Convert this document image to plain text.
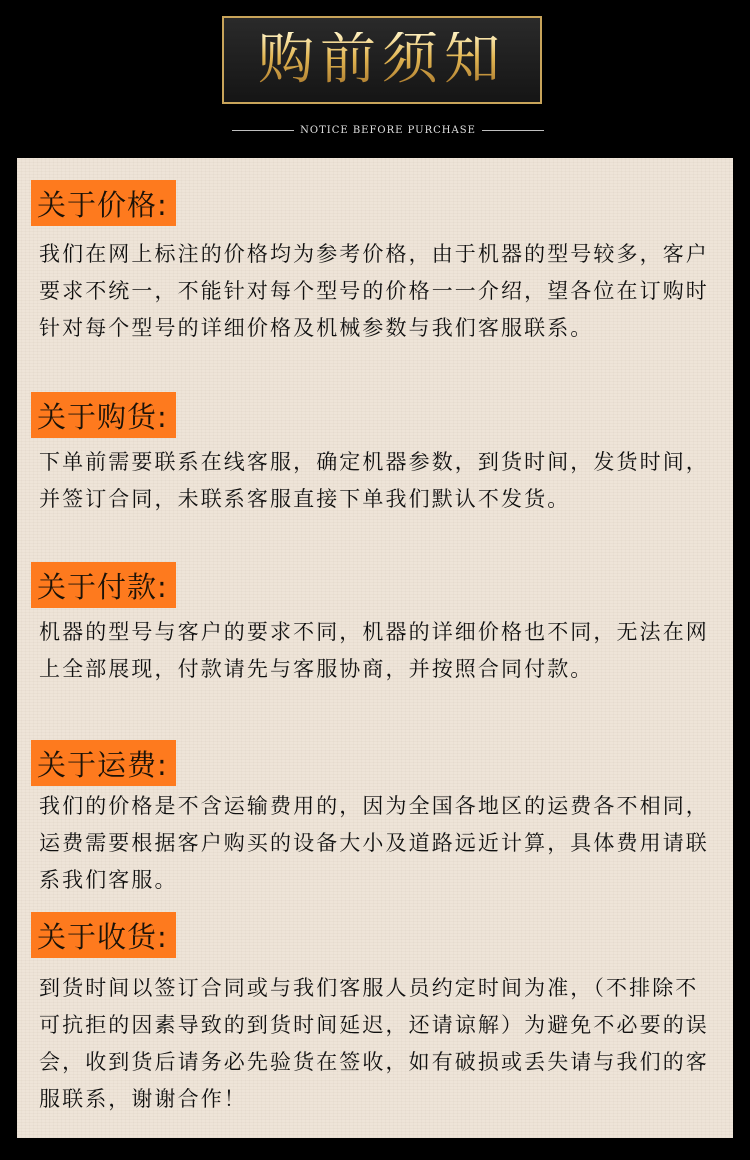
购前须知
NOTICE BEFORE PURCHASE
关于价格:

我们在网上标注的价格均为参考价格，由于机器的型号较多，客户要求不统一，不能针对每个型号的价格一一介绍，望各位在订购时针对每个型号的详细价格及机械参数与我们客服联系。

关于购货:

下单前需要联系在线客服，确定机器参数，到货时间，发货时间，并签订合同，未联系客服直接下单我们默认不发货。

关于付款:

机器的型号与客户的要求不同，机器的详细价格也不同，无法在网上全部展现，付款请先与客服协商，并按照合同付款。

关于运费:

我们的价格是不含运输费用的，因为全国各地区的运费各不相同，运费需要根据客户购买的设备大小及道路远近计算，具体费用请联系我们客服。

关于收货:

到货时间以签订合同或与我们客服人员约定时间为准，（不排除不可抗拒的因素导致的到货时间延迟，还请谅解）为避免不必要的误会，收到货后请务必先验货在签收，如有破损或丢失请与我们的客服联系，谢谢合作！
